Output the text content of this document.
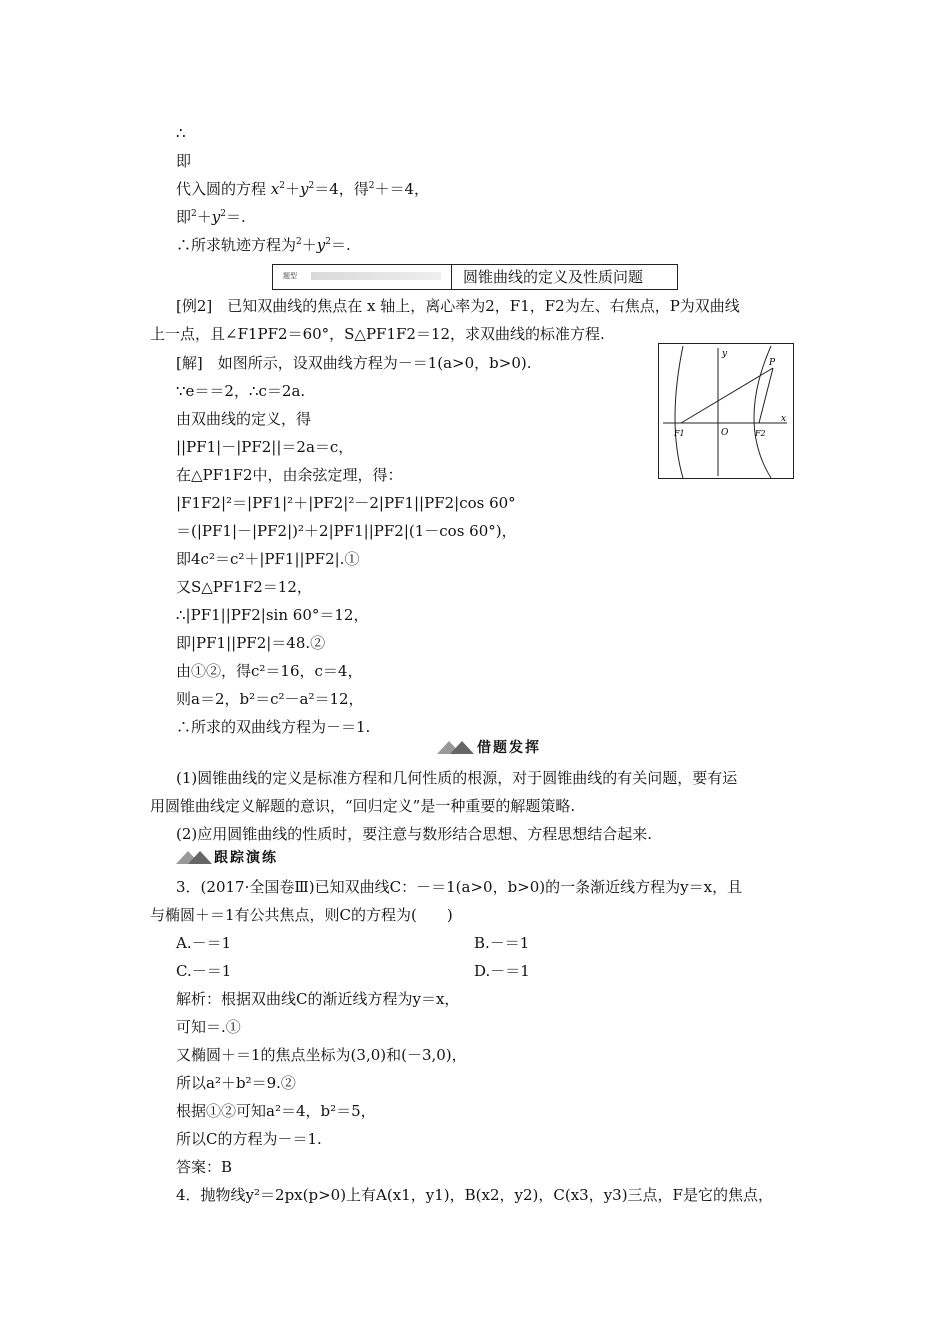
∴
即
代入圆的方程 $x^2+y^2=4$，得$^2$＋＝4，
即$^2+y^2=$.
∴所求轨迹方程为$^2+y^2=$.
题型	圆锥曲线的定义及性质问题
[例2]　已知双曲线的焦点在 x 轴上，离心率为2，F1，F2为左、右焦点，P为双曲线
上一点，且∠F1PF2＝60°，S△PF1F2＝12，求双曲线的标准方程.
[解]　如图所示，设双曲线方程为－＝1(a>0，b>0).
∵e＝＝2，∴c＝2a.
由双曲线的定义，得
||PF1|－|PF2||＝2a＝c，
在△PF1F2中，由余弦定理，得：
|F1F2|²＝|PF1|²＋|PF2|²－2|PF1||PF2|cos 60°
＝(|PF1|－|PF2|)²＋2|PF1||PF2|(1－cos 60°)，
即4c²＝c²＋|PF1||PF2|.①
又S△PF1F2＝12，
∴|PF1||PF2|sin 60°＝12，
即|PF1||PF2|＝48.②
由①②，得c²＝16，c＝4，
则a＝2，b²＝c²－a²＝12，
∴所求的双曲线方程为－＝1.
y
x
P
O
F1	F2
借题发挥
(1)圆锥曲线的定义是标准方程和几何性质的根源，对于圆锥曲线的有关问题，要有运
用圆锥曲线定义解题的意识，“回归定义”是一种重要的解题策略.
(2)应用圆锥曲线的性质时，要注意与数形结合思想、方程思想结合起来.
跟踪演练
3．(2017·全国卷Ⅲ)已知双曲线C：－＝1(a>0，b>0)的一条渐近线方程为y＝x，且
与椭圆＋＝1有公共焦点，则C的方程为(　　)
A.－＝1	B.－＝1
C.－＝1	D.－＝1
解析：根据双曲线C的渐近线方程为y＝x，
可知＝.①
又椭圆＋＝1的焦点坐标为(3,0)和(－3,0)，
所以a²＋b²＝9.②
根据①②可知a²＝4，b²＝5，
所以C的方程为－＝1.
答案：B
4．抛物线y²＝2px(p>0)上有A(x1，y1)，B(x2，y2)，C(x3，y3)三点，F是它的焦点，
